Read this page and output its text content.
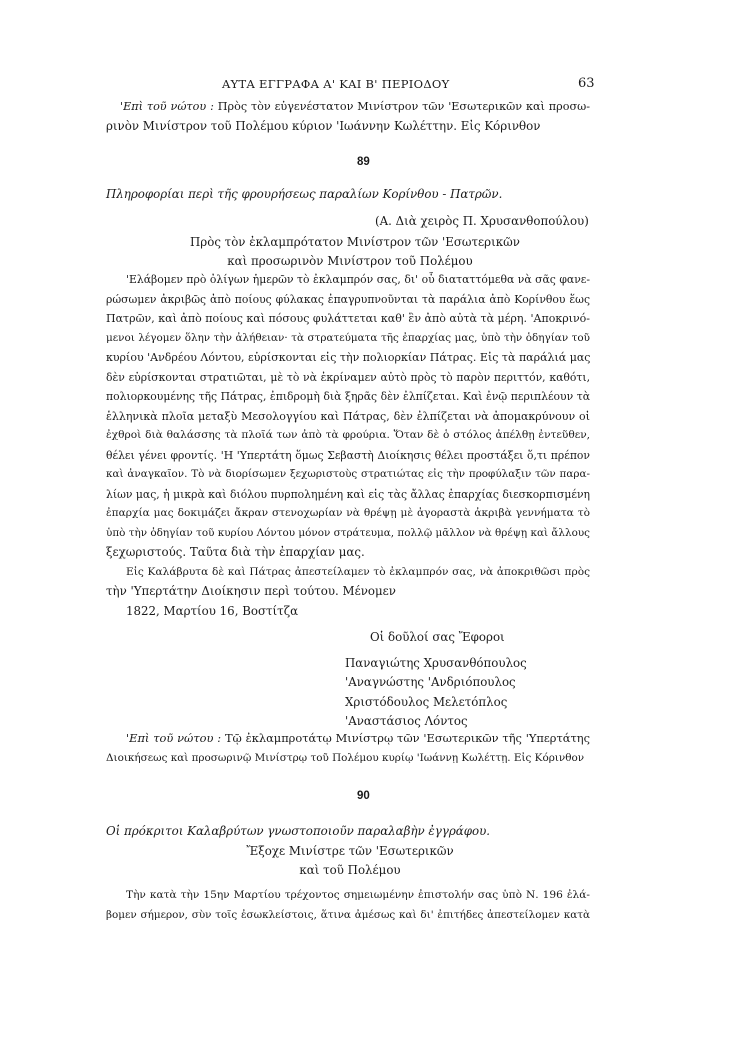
ΑΥΤΑ ΕΓΓΡΑΦΑ Α' ΚΑΙ Β' ΠΕΡΙΟΔΟΥ	63
'Επὶ τοῦ νώτου : Πρὸς τὸν εὐγενέστατον Μινίστρον τῶν 'Εσωτερικῶν καὶ προσω-
ρινὸν Μινίστρον τοῦ Πολέμου κύριον 'Ιωάννην Κωλέττην. Εἰς Κόρινθον
89
Πληροφορίαι περὶ τῆς φρουρήσεως παραλίων Κορίνθου - Πατρῶν.
(Α. Διὰ χειρὸς Π. Χρυσανθοπούλου)
Πρὸς τὸν ἐκλαμπρότατον Μινίστρον τῶν 'Εσωτερικῶν
καὶ προσωρινὸν Μινίστρον τοῦ Πολέμου
'Ελάβομεν πρὸ ὀλίγων ἡμερῶν τὸ ἐκλαμπρόν σας, δι' οὗ διαταττόμεθα νὰ σᾶς φανε-
ρώσωμεν ἀκριβῶς ἀπὸ ποίους φύλακας ἐπαγρυπνοῦνται τὰ παράλια ἀπὸ Κορίνθου ἕως
Πατρῶν, καὶ ἀπὸ ποίους καὶ πόσους φυλάττεται καθ' ἓν ἀπὸ αὐτὰ τὰ μέρη. 'Αποκρινό-
μενοι λέγομεν ὅλην τὴν ἀλήθειαν· τὰ στρατεύματα τῆς ἐπαρχίας μας, ὑπὸ τὴν ὁδηγίαν τοῦ
κυρίου 'Ανδρέου Λόντου, εὑρίσκονται εἰς τὴν πολιορκίαν Πάτρας. Εἰς τὰ παράλιά μας
δὲν εὑρίσκονται στρατιῶται, μὲ τὸ νὰ ἐκρίναμεν αὐτὸ πρὸς τὸ παρὸν περιττόν, καθότι,
πολιορκουμένης τῆς Πάτρας, ἐπιδρομὴ διὰ ξηρᾶς δὲν ἐλπίζεται. Καὶ ἐνῷ περιπλέουν τὰ
ἑλληνικὰ πλοῖα μεταξὺ Μεσολογγίου καὶ Πάτρας, δὲν ἐλπίζεται νὰ ἀπομακρύνουν οἱ
ἐχθροὶ διὰ θαλάσσης τὰ πλοῖά των ἀπὸ τὰ φρούρια. Ὅταν δὲ ὁ στόλος ἀπέλθῃ ἐντεῦθεν,
θέλει γένει φροντίς. 'Η 'Υπερτάτη ὅμως Σεβαστὴ Διοίκησις θέλει προστάξει ὅ,τι πρέπον
καὶ ἀναγκαῖον. Τὸ νὰ διορίσωμεν ξεχωριστοὺς στρατιώτας εἰς τὴν προφύλαξιν τῶν παρα-
λίων μας, ἡ μικρὰ καὶ διόλου πυρπολημένη καὶ εἰς τὰς ἄλλας ἐπαρχίας διεσκορπισμένη
ἐπαρχία μας δοκιμάζει ἄκραν στενοχωρίαν νὰ θρέψῃ μὲ ἀγοραστὰ ἀκριβὰ γεννήματα τὸ
ὑπὸ τὴν ὁδηγίαν τοῦ κυρίου Λόντου μόνον στράτευμα, πολλῷ μᾶλλον νὰ θρέψῃ καὶ ἄλλους
ξεχωριστούς. Ταῦτα διὰ τὴν ἐπαρχίαν μας.
Εἰς Καλάβρυτα δὲ καὶ Πάτρας ἀπεστείλαμεν τὸ ἐκλαμπρόν σας, νὰ ἀποκριθῶσι πρὸς
τὴν 'Υπερτάτην Διοίκησιν περὶ τούτου. Μένομεν
1822, Μαρτίου 16, Βοστίτζα
Οἱ δοῦλοί σας Ἔφοροι
Παναγιώτης Χρυσανθόπουλος
'Αναγνώστης 'Ανδριόπουλος
Χριστόδουλος Μελετόπλος
'Αναστάσιος Λόντος
'Επὶ τοῦ νώτου : Τῷ ἐκλαμπροτάτῳ Μινίστρῳ τῶν 'Εσωτερικῶν τῆς 'Υπερτάτης
Διοικήσεως καὶ προσωρινῷ Μινίστρῳ τοῦ Πολέμου κυρίῳ 'Ιωάννῃ Κωλέττῃ. Εἰς Κόρινθον
90
Οἱ πρόκριτοι Καλαβρύτων γνωστοποιοῦν παραλαβὴν ἐγγράφου.
Ἔξοχε Μινίστρε τῶν 'Εσωτερικῶν
καὶ τοῦ Πολέμου
Τὴν κατὰ τὴν 15ην Μαρτίου τρέχοντος σημειωμένην ἐπιστολήν σας ὑπὸ Ν. 196 ἐλά-
βομεν σήμερον, σὺν τοῖς ἐσωκλείστοις, ἅτινα ἀμέσως καὶ δι' ἐπιτήδες ἀπεστείλομεν κατὰ
